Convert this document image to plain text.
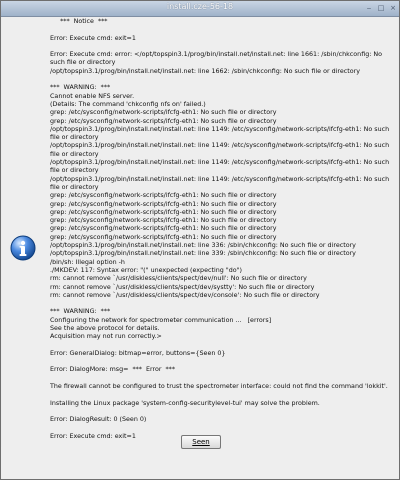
install.cze-56-18	‒ □ ×
***  Notice  ***

Error: Execute cmd: exit=1

Error: Execute cmd: error: </opt/topspin3.1/prog/bin/install.net/install.net: line 1661: /sbin/chkconfig: No such file or directory
/opt/topspin3.1/prog/bin/install.net/install.net: line 1662: /sbin/chkconfig: No such file or directory

***  WARNING:  ***
Cannot enable NFS server.
(Details: The command 'chkconfig nfs on' failed.)
grep: /etc/sysconfig/network-scripts/ifcfg-eth1: No such file or directory
grep: /etc/sysconfig/network-scripts/ifcfg-eth1: No such file or directory
/opt/topspin3.1/prog/bin/install.net/install.net: line 1149: /etc/sysconfig/network-scripts/ifcfg-eth1: No such file or directory
/opt/topspin3.1/prog/bin/install.net/install.net: line 1149: /etc/sysconfig/network-scripts/ifcfg-eth1: No such file or directory
/opt/topspin3.1/prog/bin/install.net/install.net: line 1149: /etc/sysconfig/network-scripts/ifcfg-eth1: No such file or directory
/opt/topspin3.1/prog/bin/install.net/install.net: line 1149: /etc/sysconfig/network-scripts/ifcfg-eth1: No such file or directory
grep: /etc/sysconfig/network-scripts/ifcfg-eth1: No such file or directory
grep: /etc/sysconfig/network-scripts/ifcfg-eth1: No such file or directory
grep: /etc/sysconfig/network-scripts/ifcfg-eth1: No such file or directory
grep: /etc/sysconfig/network-scripts/ifcfg-eth1: No such file or directory
grep: /etc/sysconfig/network-scripts/ifcfg-eth1: No such file or directory
grep: /etc/sysconfig/network-scripts/ifcfg-eth1: No such file or directory
/opt/topspin3.1/prog/bin/install.net/install.net: line 336: /sbin/chkconfig: No such file or directory
/opt/topspin3.1/prog/bin/install.net/install.net: line 339: /sbin/chkconfig: No such file or directory
/bin/sh: Illegal option -h
./MKDEV: 117: Syntax error: "(" unexpected (expecting "do")
rm: cannot remove `/usr/diskless/clients/spect/dev/null': No such file or directory
rm: cannot remove `/usr/diskless/clients/spect/dev/systty': No such file or directory
rm: cannot remove `/usr/diskless/clients/spect/dev/console': No such file or directory

***  WARNING:  ***
Configuring the network for spectrometer communication ...   [errors]
See the above protocol for details.
Acquisition may not run correctly.>

Error: GeneralDialog: bitmap=error, buttons={Seen 0}

Error: DialogMore: msg=  ***  Error  ***

The firewall cannot be configured to trust the spectrometer interface: could not find the command 'lokkit'.

Installing the Linux package 'system-config-securitylevel-tui' may solve the problem.

Error: DialogResult: 0 (Seen 0)

Error: Execute cmd: exit=1
Seen
